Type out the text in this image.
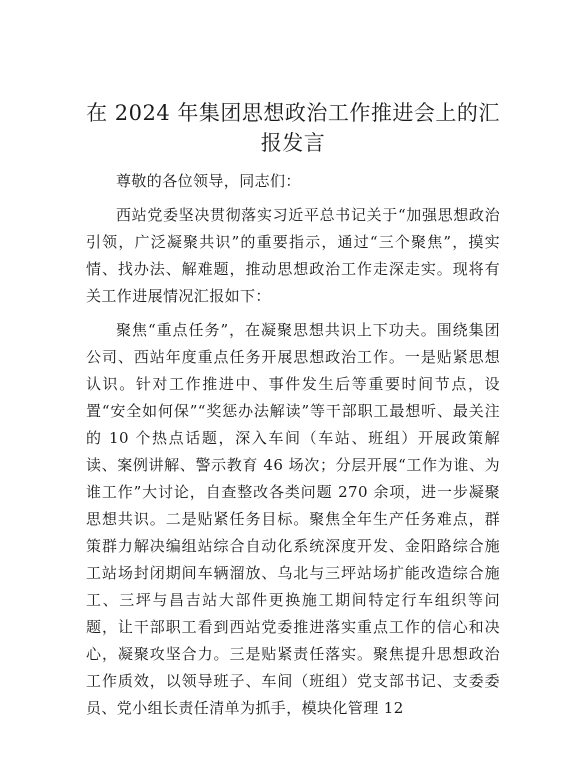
在 2024 年集团思想政治工作推进会上的汇报发言

尊敬的各位领导，同志们：

西站党委坚决贯彻落实习近平总书记关于“加强思想政治引领，广泛凝聚共识”的重要指示，通过“三个聚焦”，摸实情、找办法、解难题，推动思想政治工作走深走实。现将有关工作进展情况汇报如下：

聚焦“重点任务”，在凝聚思想共识上下功夫。围绕集团公司、西站年度重点任务开展思想政治工作。一是贴紧思想认识。针对工作推进中、事件发生后等重要时间节点，设置“安全如何保”“奖惩办法解读”等干部职工最想听、最关注的 10 个热点话题，深入车间（车站、班组）开展政策解读、案例讲解、警示教育 46 场次；分层开展“工作为谁、为谁工作”大讨论，自查整改各类问题 270 余项，进一步凝聚思想共识。二是贴紧任务目标。聚焦全年生产任务难点，群策群力解决编组站综合自动化系统深度开发、金阳路综合施工站场封闭期间车辆溜放、乌北与三坪站场扩能改造综合施工、三坪与昌吉站大部件更换施工期间特定行车组织等问题，让干部职工看到西站党委推进落实重点工作的信心和决心，凝聚攻坚合力。三是贴紧责任落实。聚焦提升思想政治工作质效，以领导班子、车间（班组）党支部书记、支委委员、党小组长责任清单为抓手，模块化管理 12
